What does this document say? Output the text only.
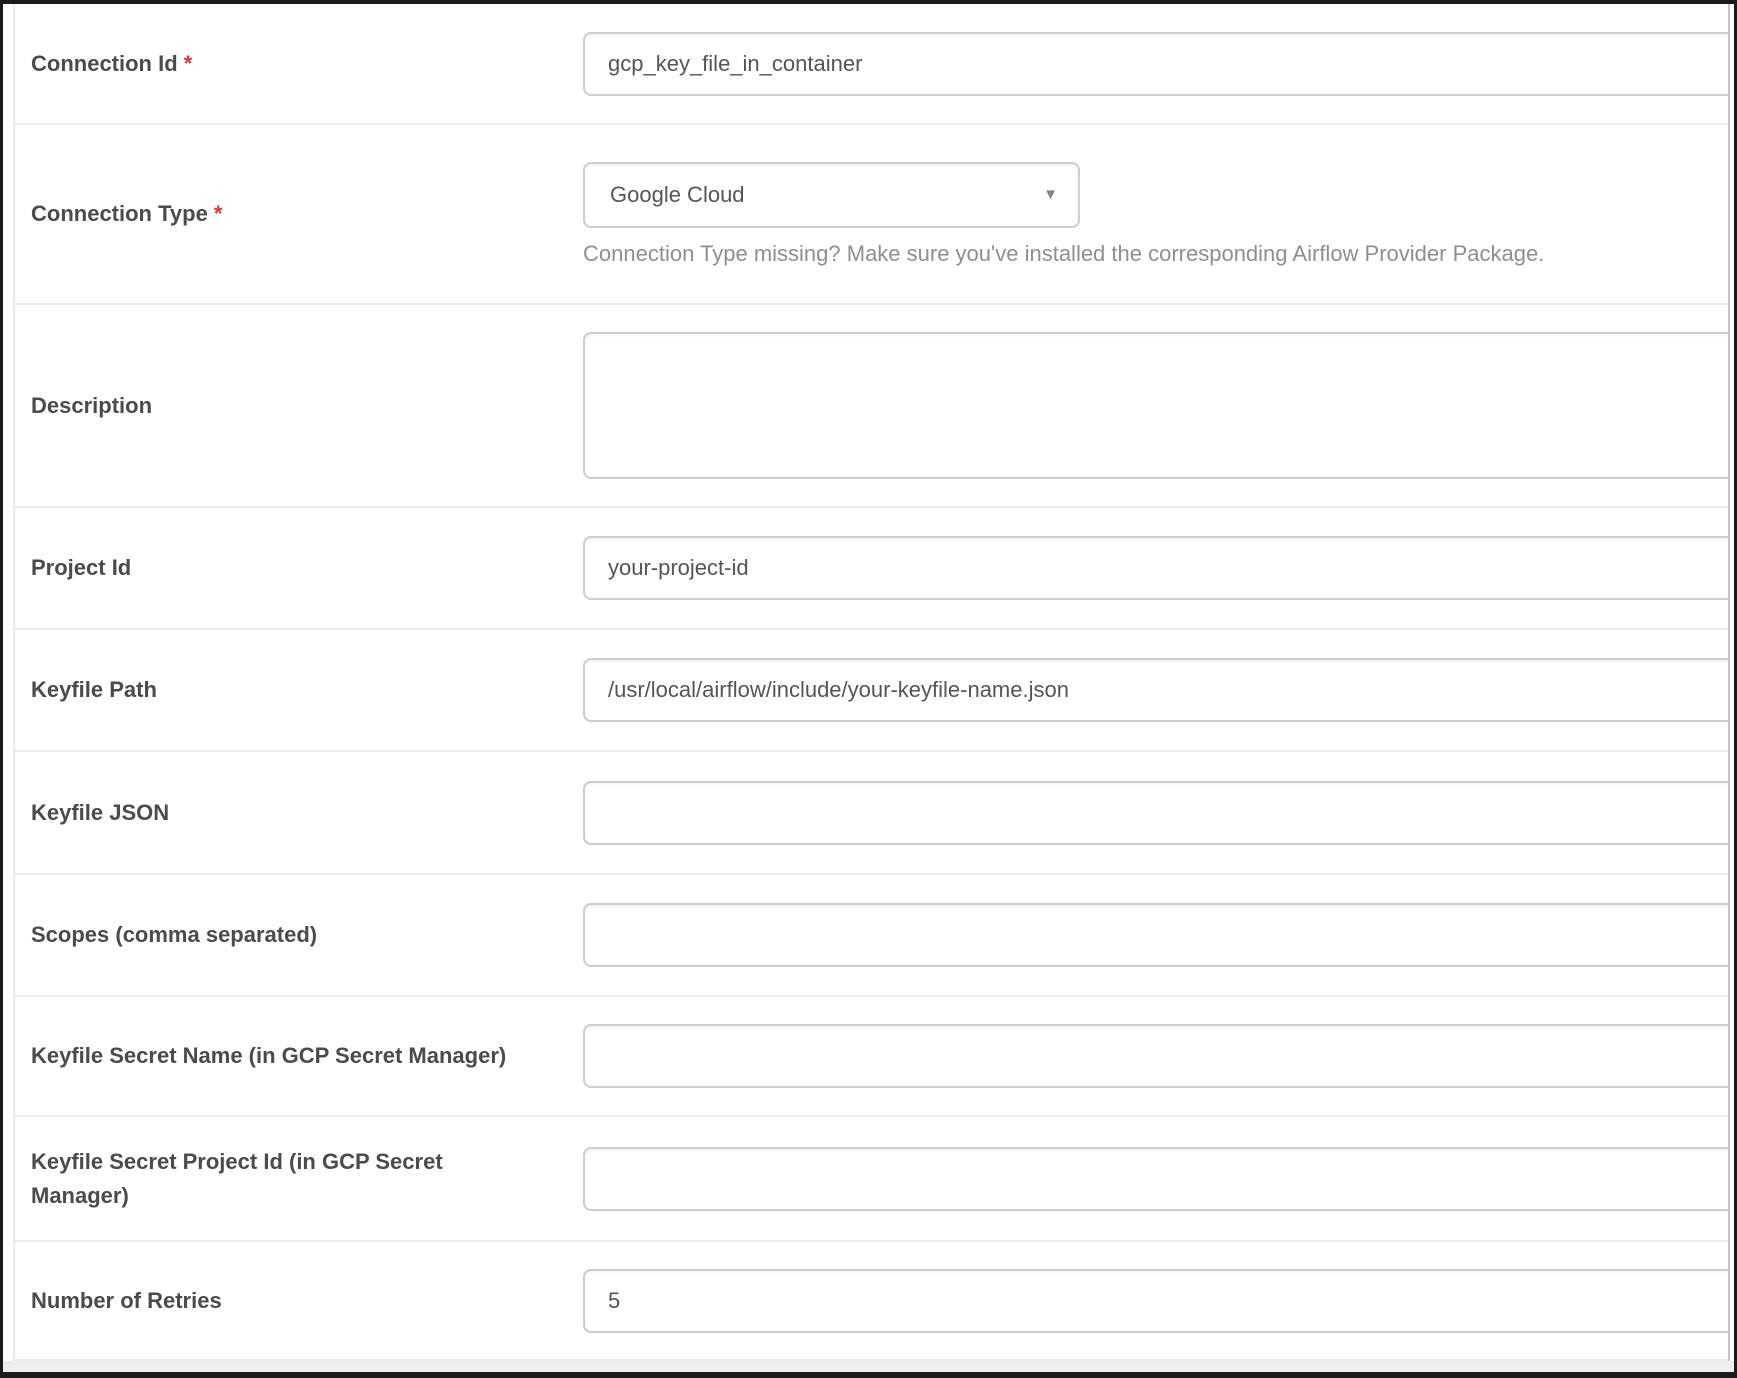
Connection Id *
gcp_key_file_in_container
Connection Type *
Google Cloud	▼
Connection Type missing? Make sure you've installed the corresponding Airflow Provider Package.
Description
Project Id
your-project-id
Keyfile Path
/usr/local/airflow/include/your-keyfile-name.json
Keyfile JSON
Scopes (comma separated)
Keyfile Secret Name (in GCP Secret Manager)
Keyfile Secret Project Id (in GCP Secret Manager)
Number of Retries
5
